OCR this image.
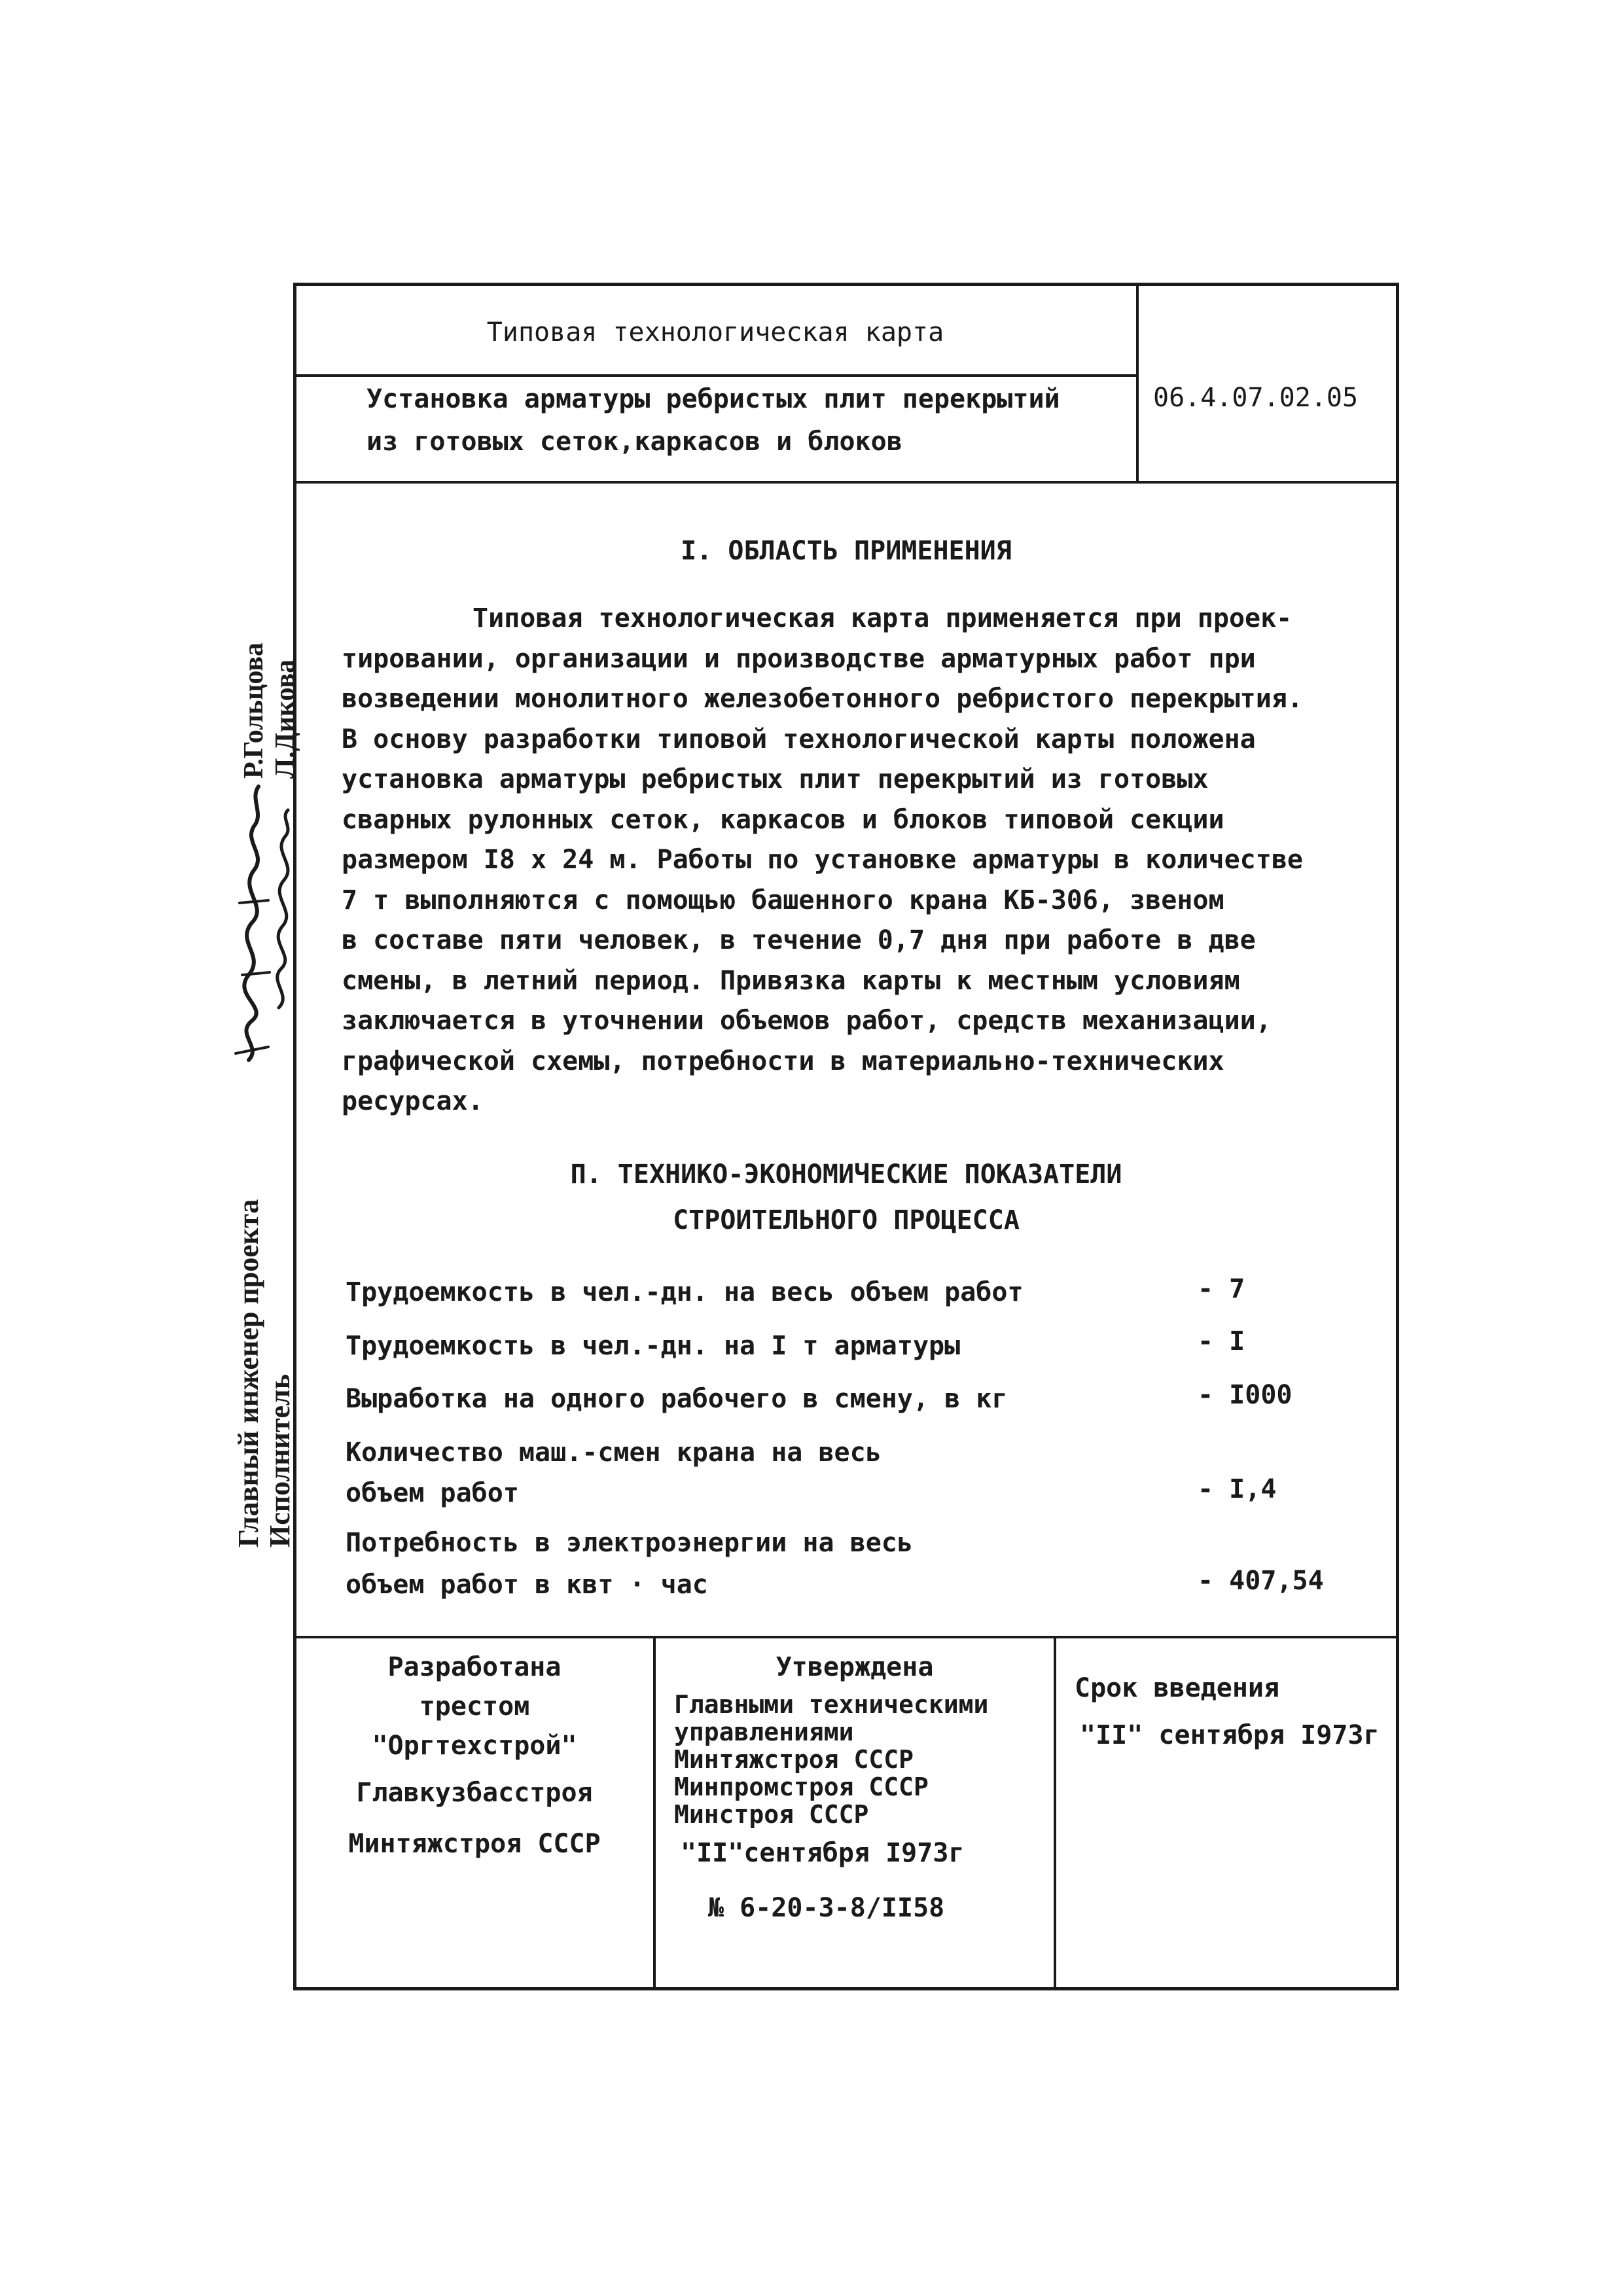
Типовая технологическая карта
Установка арматуры ребристых плит перекрытий
из готовых сеток,каркасов и блоков
06.4.07.02.05
I. ОБЛАСТЬ ПРИМЕНЕНИЯ
Типовая технологическая карта применяется при проек-
тировании, организации и производстве арматурных работ при
возведении монолитного железобетонного ребристого перекрытия.
В основу разработки типовой технологической карты положена
установка арматуры ребристых плит перекрытий из готовых
сварных рулонных сеток, каркасов и блоков типовой секции
размером I8 x 24 м. Работы по установке арматуры в количестве
7 т выполняются с помощью башенного крана КБ-306, звеном
в составе пяти человек, в течение 0,7 дня при работе в две
смены, в летний период. Привязка карты к местным условиям
заключается в уточнении объемов работ, средств механизации,
графической схемы, потребности в материально-технических
ресурсах.
П. ТЕХНИКО-ЭКОНОМИЧЕСКИЕ ПОКАЗАТЕЛИ
СТРОИТЕЛЬНОГО ПРОЦЕССА
Трудоемкость в чел.-дн. на весь объем работ	- 7
Трудоемкость в чел.-дн. на I т арматуры	- I
Выработка на одного рабочего в смену, в кг	- I000
Количество маш.-смен крана на весь
объем работ	- I,4
Потребность в электроэнергии на весь
объем работ в квт · час	- 407,54
Разработана
трестом
"Оргтехстрой"
Главкузбасстроя
Минтяжстроя СССР
Утверждена
Главными техническими
управлениями
Минтяжстроя СССР
Минпромстроя СССР
Минстроя СССР
"II"сентября I973г
№ 6-20-3-8/II58
Срок введения
"II" сентября I973г
Главный инженер проекта Исполнитель
Р.Гольцова Л.Дикова
